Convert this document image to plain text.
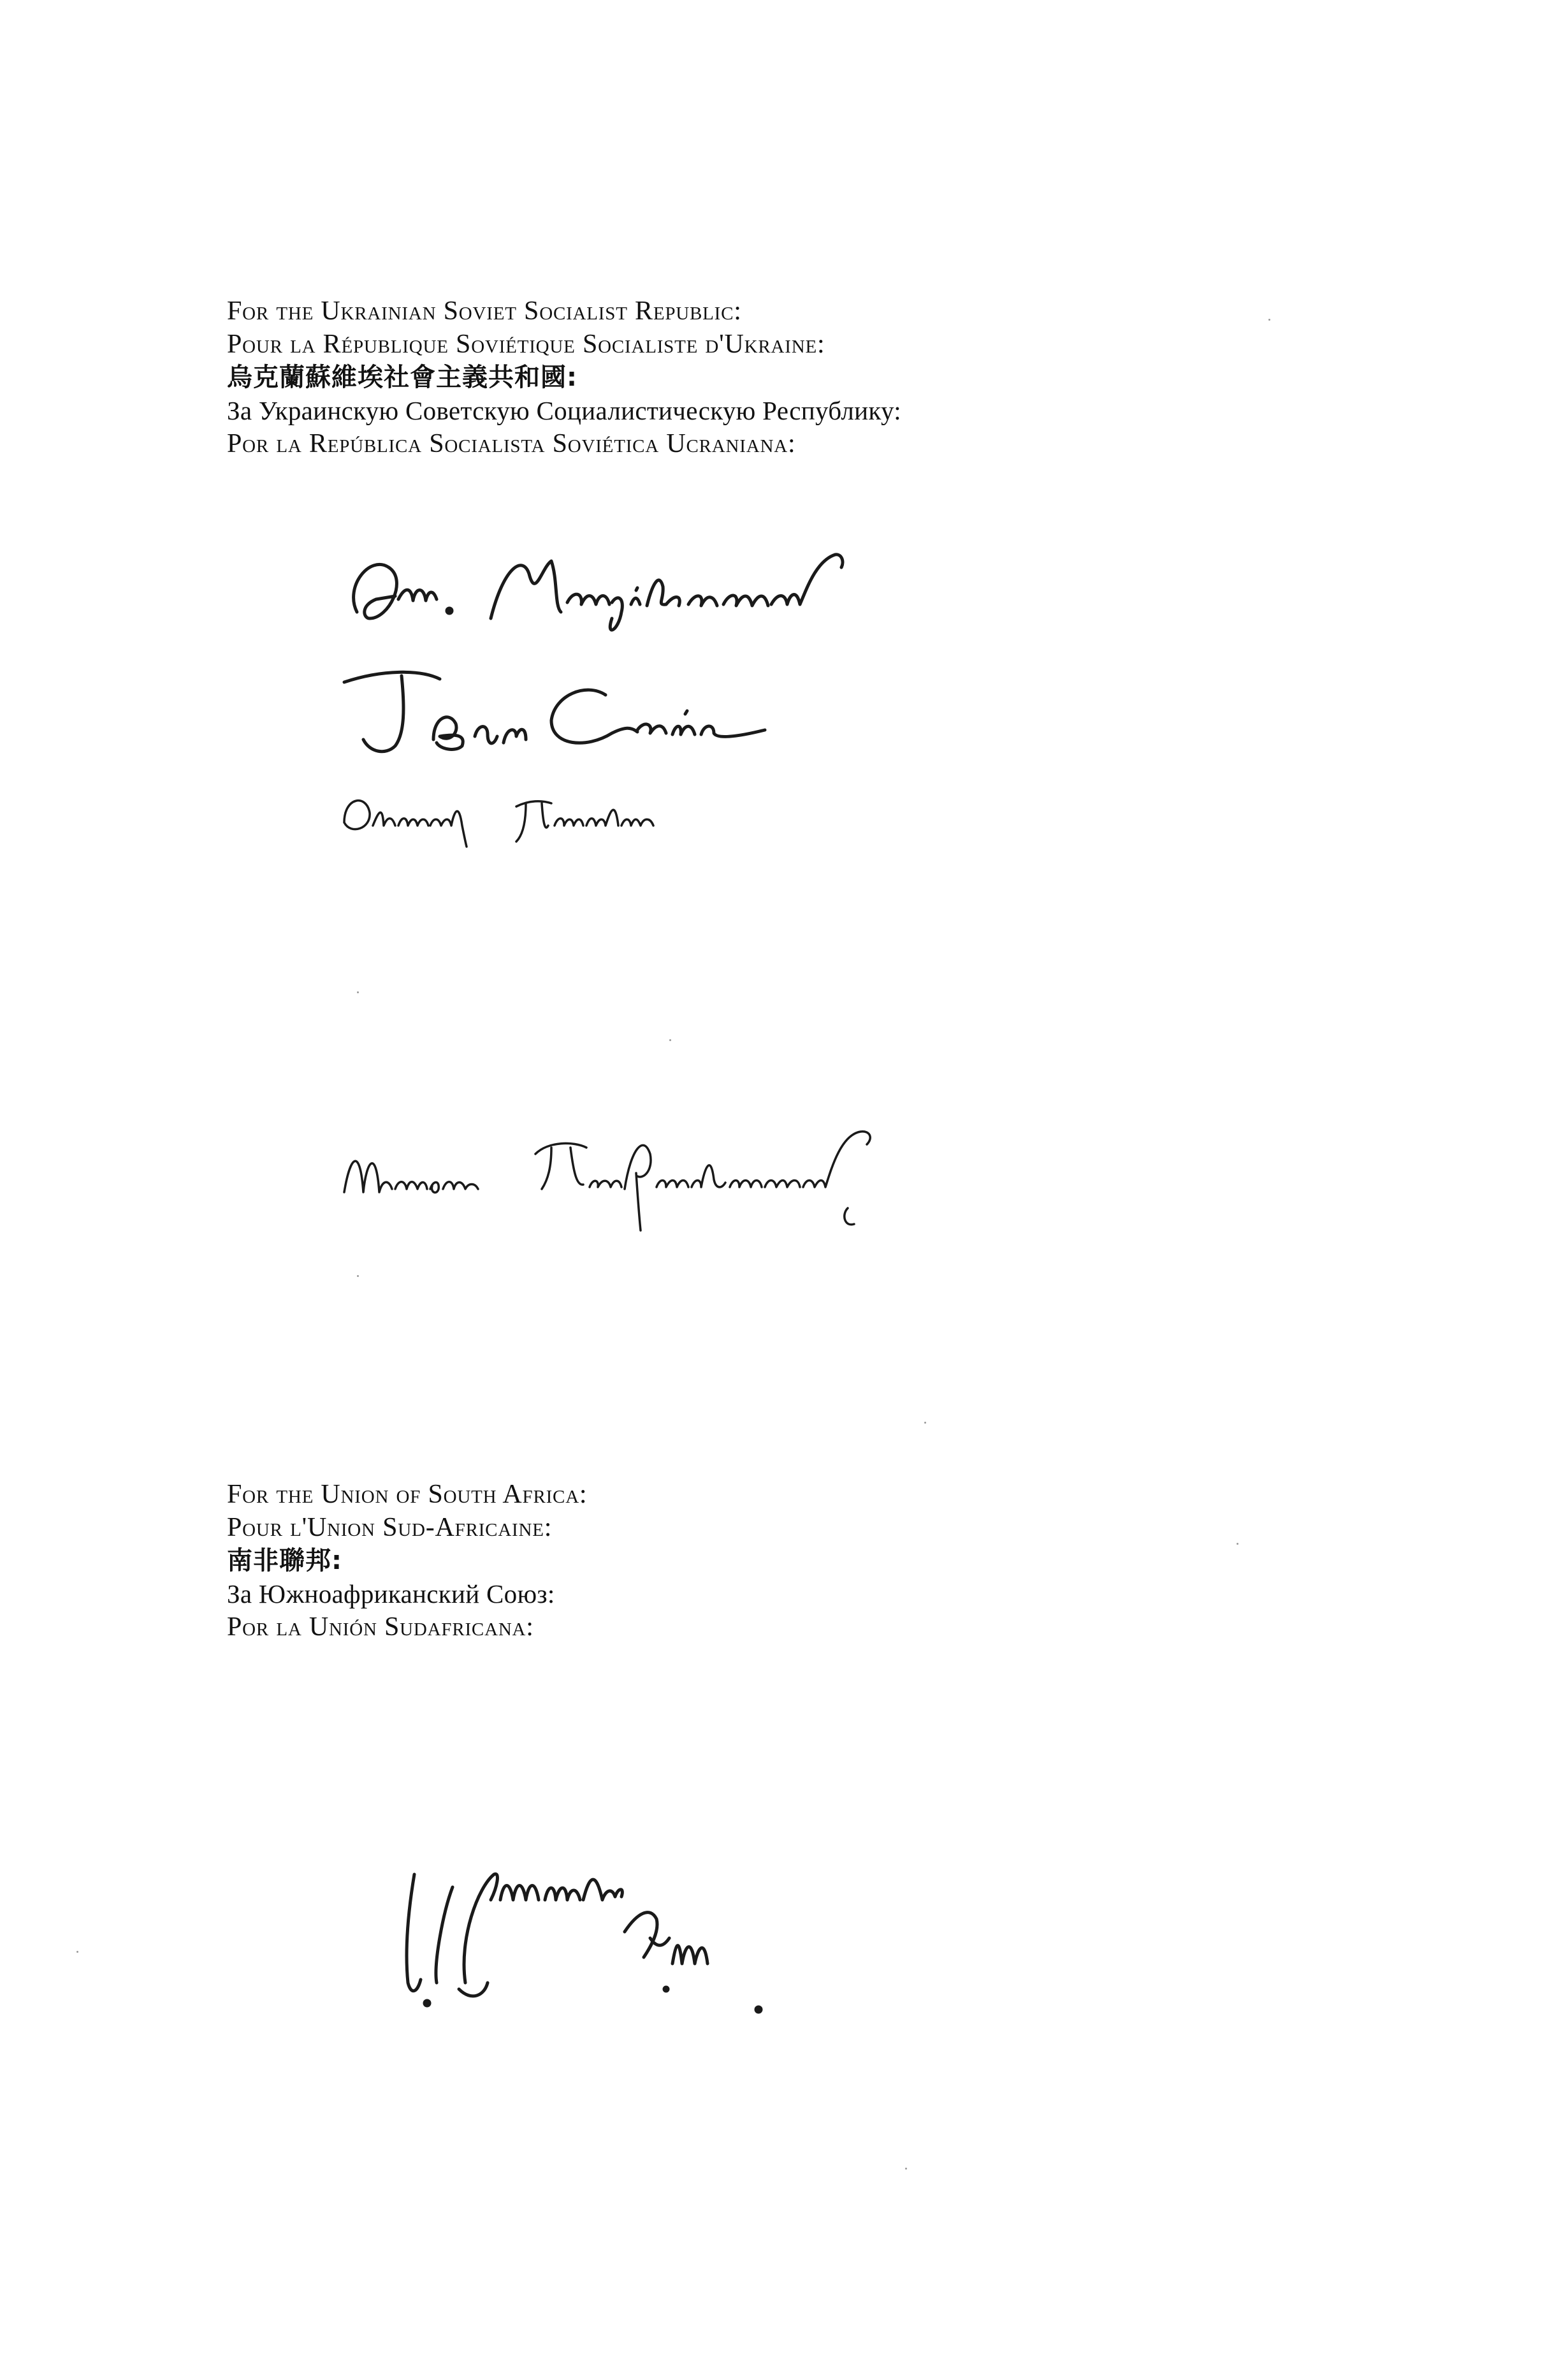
For the Ukrainian Soviet Socialist Republic:
Pour la République Soviétique Socialiste d'Ukraine:
烏克蘭蘇維埃社會主義共和國:
За Украинскую Советскую Социалистическую Республику:
Por la República Socialista Soviética Ucraniana:
For the Union of South Africa:
Pour l'Union Sud-Africaine:
南非聯邦:
За Южноафриканский Союз:
Por la Unión Sudafricana:
